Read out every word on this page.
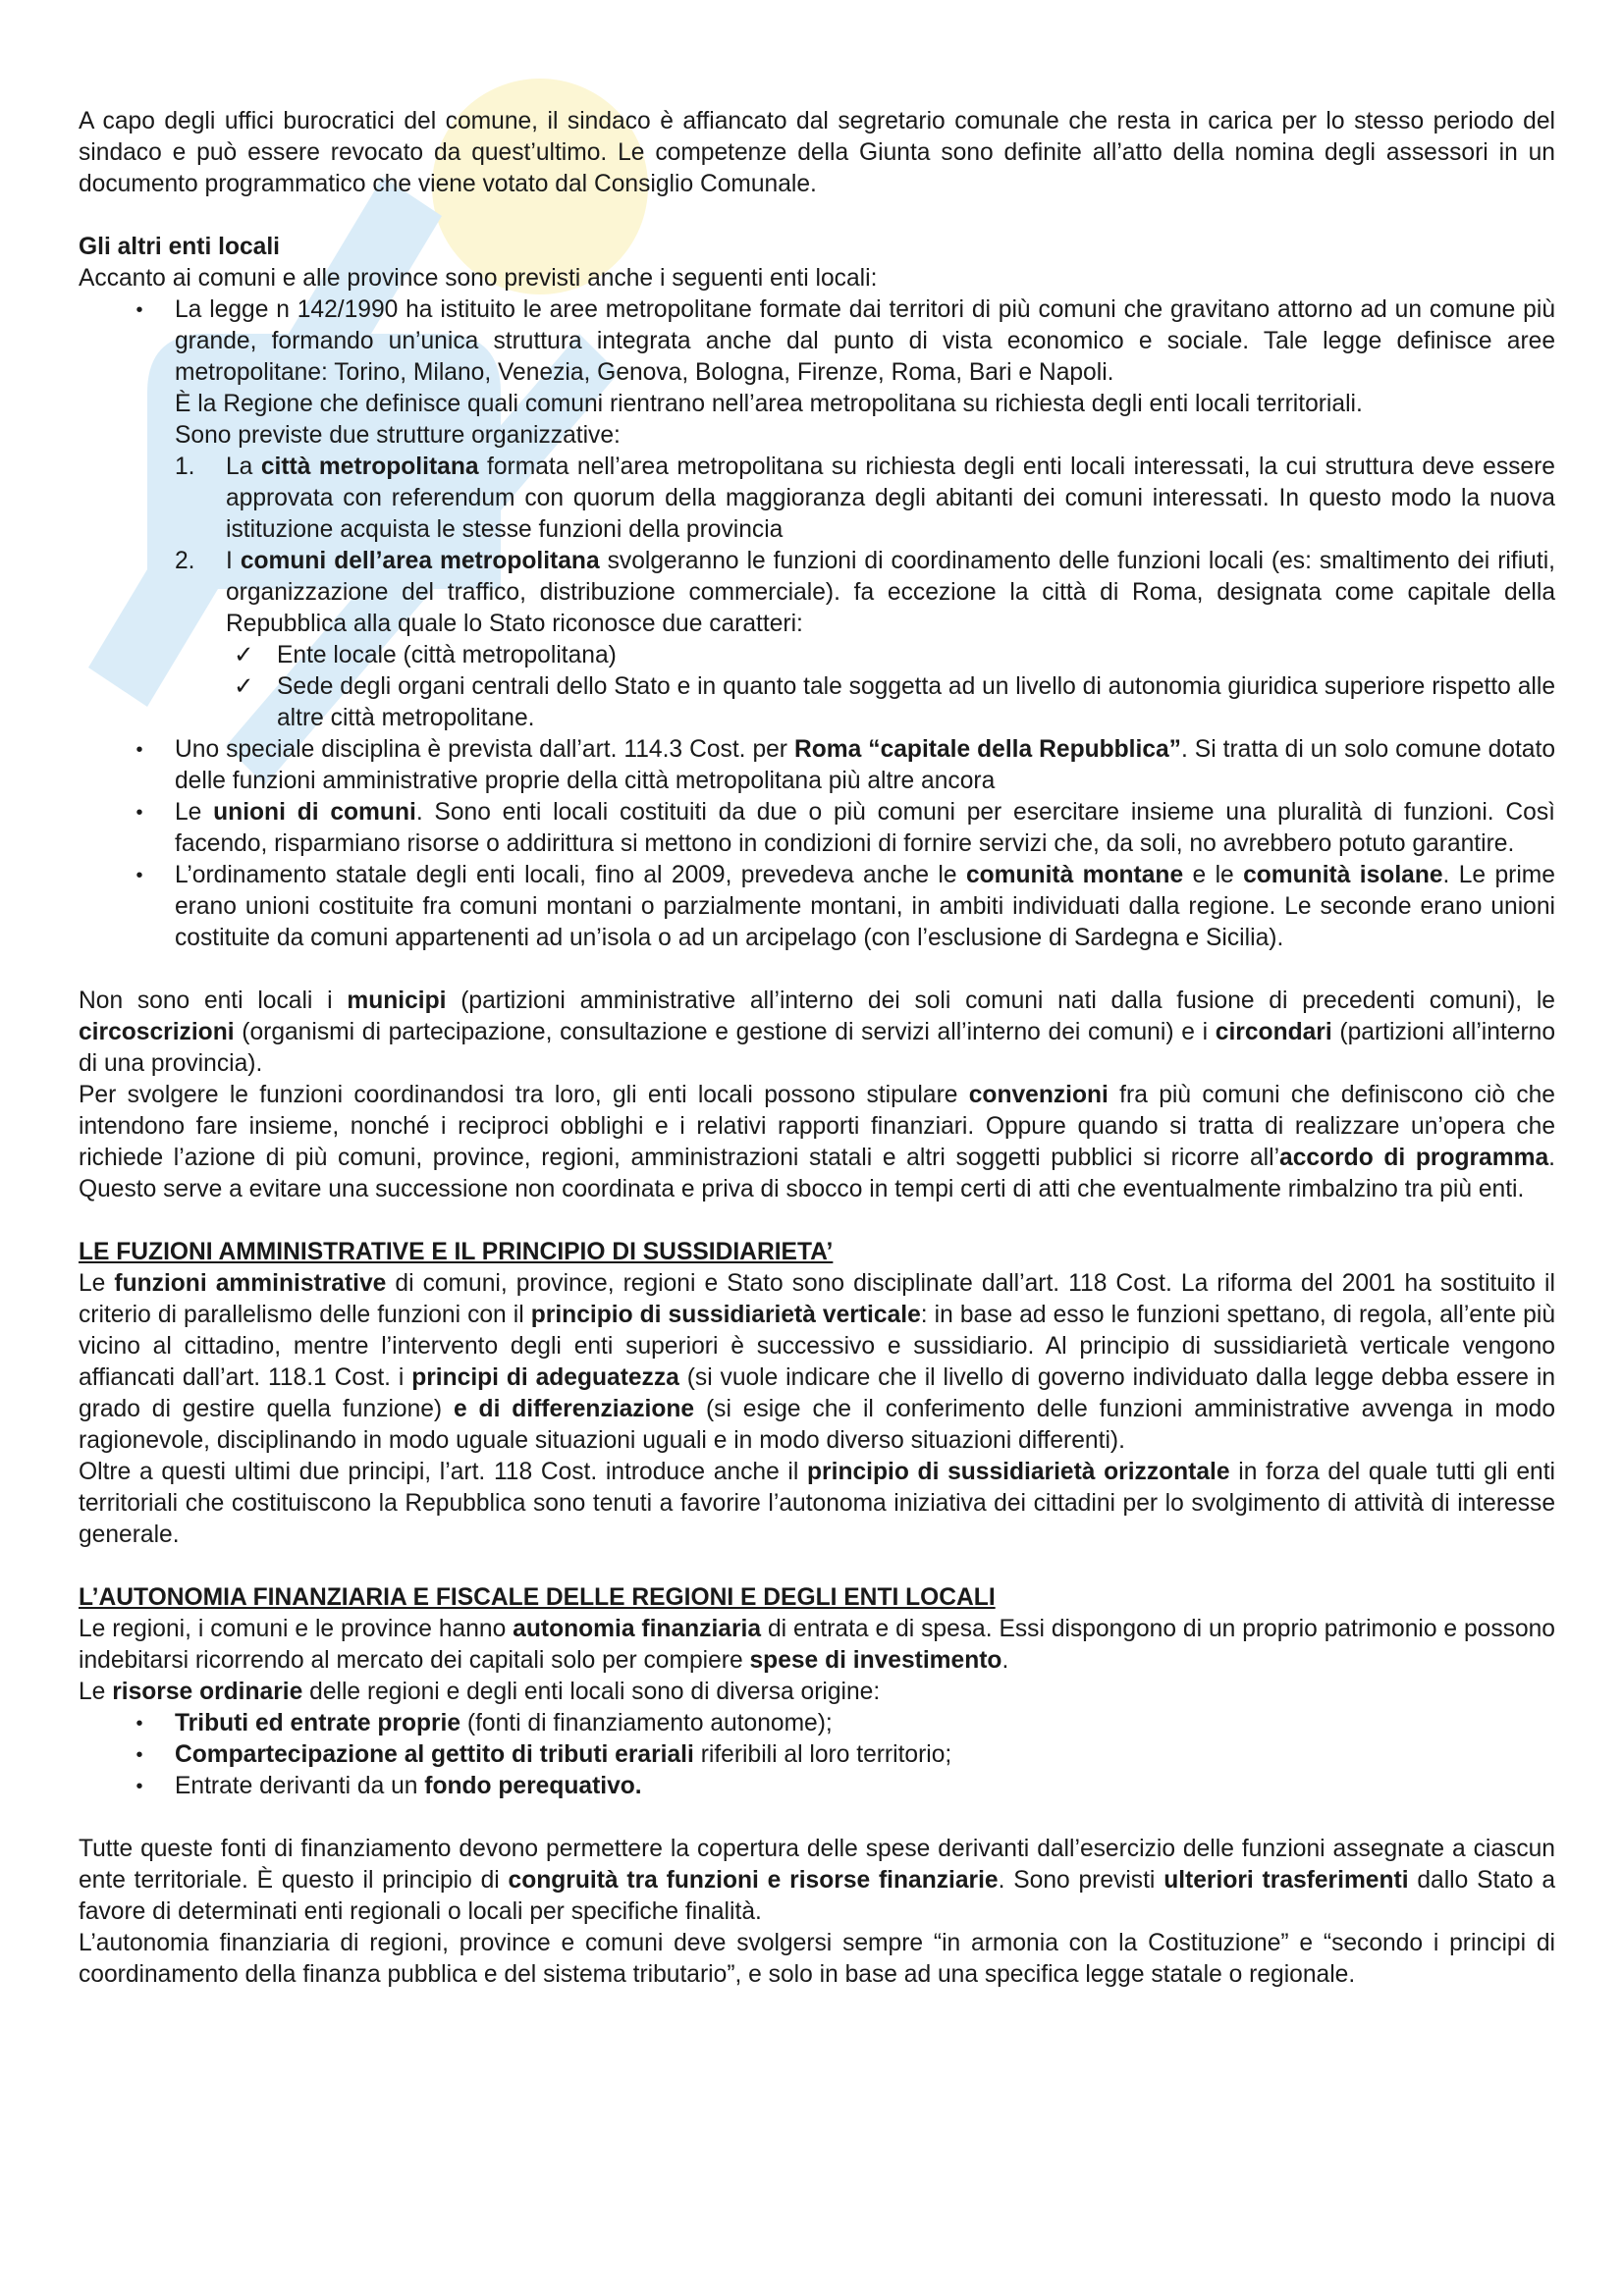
A capo degli uffici burocratici del comune, il sindaco è affiancato dal segretario comunale che resta in carica per lo stesso periodo del sindaco e può essere revocato da quest’ultimo. Le competenze della Giunta sono definite all’atto della nomina degli assessori in un documento programmatico che viene votato dal Consiglio Comunale.

Gli altri enti locali

Accanto ai comuni e alle province sono previsti anche i seguenti enti locali:

• La legge n 142/1990 ha istituito le aree metropolitane formate dai territori di più comuni che gravitano attorno ad un comune più grande, formando un’unica struttura integrata anche dal punto di vista economico e sociale. Tale legge definisce aree metropolitane: Torino, Milano, Venezia, Genova, Bologna, Firenze, Roma, Bari e Napoli.

È la Regione che definisce quali comuni rientrano nell’area metropolitana su richiesta degli enti locali territoriali.

Sono previste due strutture organizzative:

1. La città metropolitana formata nell’area metropolitana su richiesta degli enti locali interessati, la cui struttura deve essere approvata con referendum con quorum della maggioranza degli abitanti dei comuni interessati. In questo modo la nuova istituzione acquista le stesse funzioni della provincia
2. I comuni dell’area metropolitana svolgeranno le funzioni di coordinamento delle funzioni locali (es: smaltimento dei rifiuti, organizzazione del traffico, distribuzione commerciale). fa eccezione la città di Roma, designata come capitale della Repubblica alla quale lo Stato riconosce due caratteri:
✓ Ente locale (città metropolitana)
✓ Sede degli organi centrali dello Stato e in quanto tale soggetta ad un livello di autonomia giuridica superiore rispetto alle altre città metropolitane.
• Uno speciale disciplina è prevista dall’art. 114.3 Cost. per Roma “capitale della Repubblica”. Si tratta di un solo comune dotato delle funzioni amministrative proprie della città metropolitana più altre ancora
• Le unioni di comuni. Sono enti locali costituiti da due o più comuni per esercitare insieme una pluralità di funzioni. Così facendo, risparmiano risorse o addirittura si mettono in condizioni di fornire servizi che, da soli, no avrebbero potuto garantire.
• L’ordinamento statale degli enti locali, fino al 2009, prevedeva anche le comunità montane e le comunità isolane. Le prime erano unioni costituite fra comuni montani o parzialmente montani, in ambiti individuati dalla regione. Le seconde erano unioni costituite da comuni appartenenti ad un’isola o ad un arcipelago (con l’esclusione di Sardegna e Sicilia).

Non sono enti locali i municipi (partizioni amministrative all’interno dei soli comuni nati dalla fusione di precedenti comuni), le circoscrizioni (organismi di partecipazione, consultazione e gestione di servizi all’interno dei comuni) e i circondari (partizioni all’interno di una provincia).

Per svolgere le funzioni coordinandosi tra loro, gli enti locali possono stipulare convenzioni fra più comuni che definiscono ciò che intendono fare insieme, nonché i reciproci obblighi e i relativi rapporti finanziari. Oppure quando si tratta di realizzare un’opera che richiede l’azione di più comuni, province, regioni, amministrazioni statali e altri soggetti pubblici si ricorre all’accordo di programma. Questo serve a evitare una successione non coordinata e priva di sbocco in tempi certi di atti che eventualmente rimbalzino tra più enti.

LE FUZIONI AMMINISTRATIVE E IL PRINCIPIO DI SUSSIDIARIETA’

Le funzioni amministrative di comuni, province, regioni e Stato sono disciplinate dall’art. 118 Cost. La riforma del 2001 ha sostituito il criterio di parallelismo delle funzioni con il principio di sussidiarietà verticale: in base ad esso le funzioni spettano, di regola, all’ente più vicino al cittadino, mentre l’intervento degli enti superiori è successivo e sussidiario. Al principio di sussidiarietà verticale vengono affiancati dall’art. 118.1 Cost. i principi di adeguatezza (si vuole indicare che il livello di governo individuato dalla legge debba essere in grado di gestire quella funzione) e di differenziazione (si esige che il conferimento delle funzioni amministrative avvenga in modo ragionevole, disciplinando in modo uguale situazioni uguali e in modo diverso situazioni differenti).

Oltre a questi ultimi due principi, l’art. 118 Cost. introduce anche il principio di sussidiarietà orizzontale in forza del quale tutti gli enti territoriali che costituiscono la Repubblica sono tenuti a favorire l’autonoma iniziativa dei cittadini per lo svolgimento di attività di interesse generale.

L’AUTONOMIA FINANZIARIA E FISCALE DELLE REGIONI E DEGLI ENTI LOCALI

Le regioni, i comuni e le province hanno autonomia finanziaria di entrata e di spesa. Essi dispongono di un proprio patrimonio e possono indebitarsi ricorrendo al mercato dei capitali solo per compiere spese di investimento.

Le risorse ordinarie delle regioni e degli enti locali sono di diversa origine:

• Tributi ed entrate proprie (fonti di finanziamento autonome);
• Compartecipazione al gettito di tributi erariali riferibili al loro territorio;
• Entrate derivanti da un fondo perequativo.

Tutte queste fonti di finanziamento devono permettere la copertura delle spese derivanti dall’esercizio delle funzioni assegnate a ciascun ente territoriale. È questo il principio di congruità tra funzioni e risorse finanziarie. Sono previsti ulteriori trasferimenti dallo Stato a favore di determinati enti regionali o locali per specifiche finalità.

L’autonomia finanziaria di regioni, province e comuni deve svolgersi sempre “in armonia con la Costituzione” e “secondo i principi di coordinamento della finanza pubblica e del sistema tributario”, e solo in base ad una specifica legge statale o regionale.
